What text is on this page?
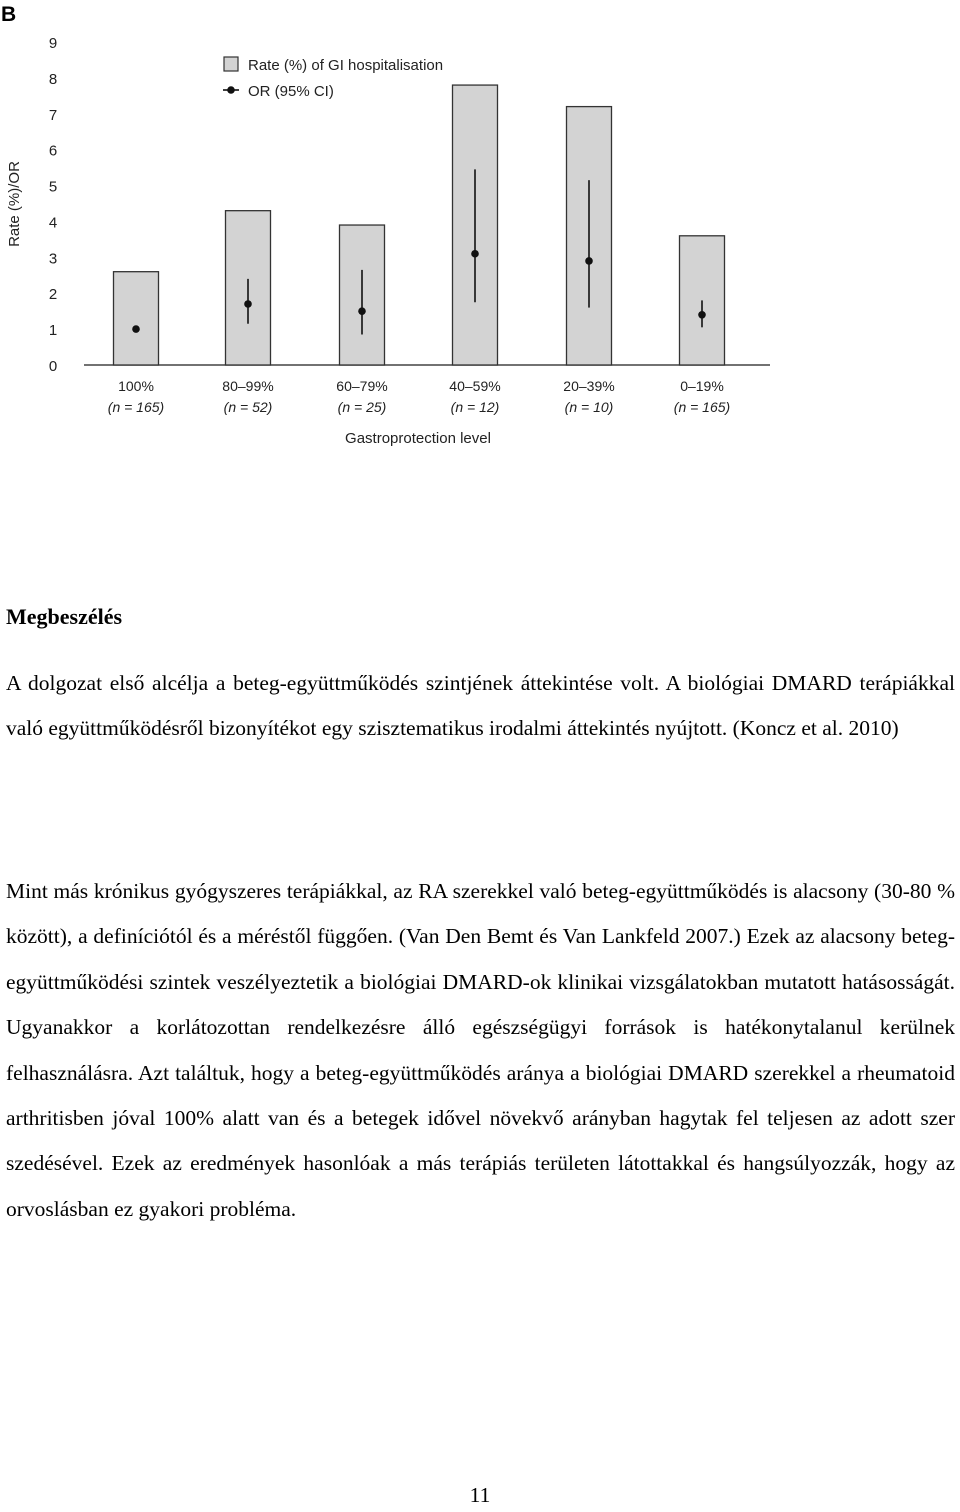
B
0
1
2
3
4
5
6
7
8
9
Rate (%)/OR
100%
(n = 165)
80–99%
(n = 52)
60–79%
(n = 25)
40–59%
(n = 12)
20–39%
(n = 10)
0–19%
(n = 165)
Gastroprotection level
Rate (%) of GI hospitalisation
OR (95% CI)
Megbeszélés

A dolgozat első alcélja a beteg-együttműködés szintjének áttekintése volt. A biológiai DMARD terápiákkal való együttműködésről bizonyítékot egy szisztematikus irodalmi áttekintés nyújtott. (Koncz et al. 2010)

Mint más krónikus gyógyszeres terápiákkal, az RA szerekkel való beteg-együttműködés is alacsony (30-80 % között), a definíciótól és a méréstől függően. (Van Den Bemt és Van Lankfeld 2007.) Ezek az alacsony beteg-együttműködési szintek veszélyeztetik a biológiai DMARD-ok klinikai vizsgálatokban mutatott hatásosságát. Ugyanakkor a korlátozottan rendelkezésre álló egészségügyi források is hatékonytalanul kerülnek felhasználásra. Azt találtuk, hogy a beteg-együttműködés aránya a biológiai DMARD szerekkel a rheumatoid arthritisben jóval 100% alatt van és a betegek idővel növekvő arányban hagytak fel teljesen az adott szer szedésével. Ezek az eredmények hasonlóak a más terápiás területen látottakkal és hangsúlyozzák, hogy az orvoslásban ez gyakori probléma.

11
